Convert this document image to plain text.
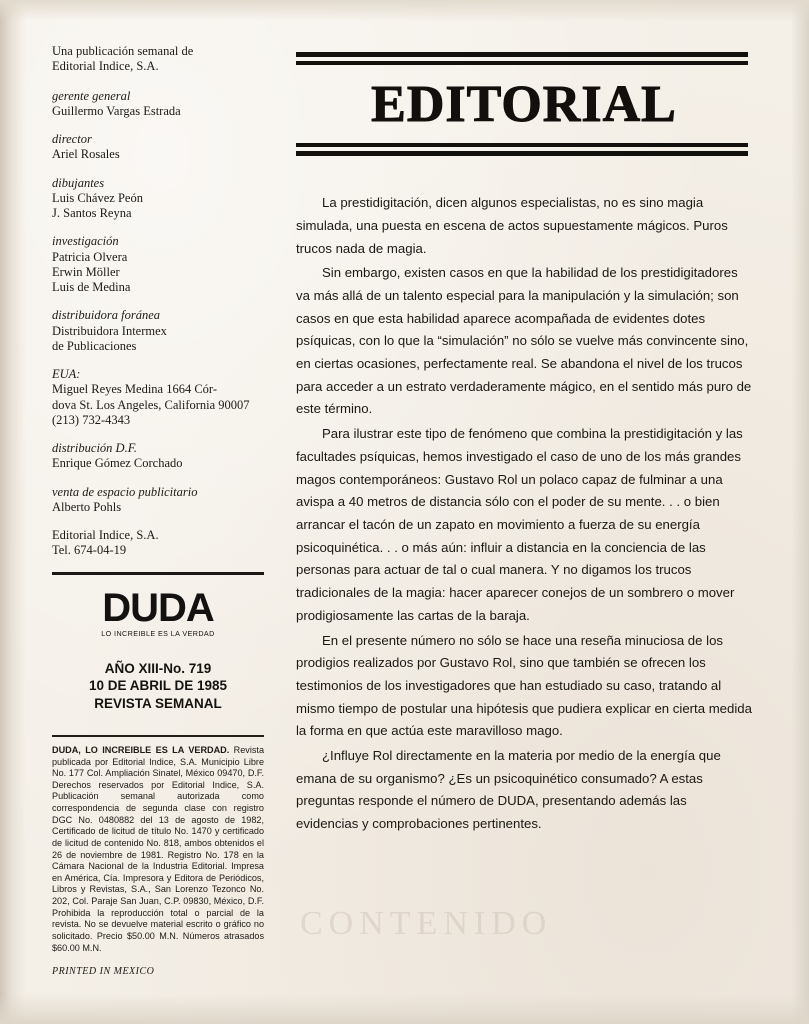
Una publicación semanal de
Editorial Indice, S.A.
gerente general
Guillermo Vargas Estrada
director
Ariel Rosales
dibujantes
Luis Chávez Peón
J. Santos Reyna
investigación
Patricia Olvera
Erwin Möller
Luis de Medina
distribuidora foránea
Distribuidora Intermex
de Publicaciones
EUA:
Miguel Reyes Medina 1664 Cór-
dova St. Los Angeles, California 90007
(213) 732-4343
distribución D.F.
Enrique Gómez Corchado
venta de espacio publicitario
Alberto Pohls
Editorial Indice, S.A.
Tel. 674-04-19
DUDA
LO INCREIBLE ES LA VERDAD
AÑO XIII-No. 719
10 DE ABRIL DE 1985
REVISTA SEMANAL
DUDA, LO INCREIBLE ES LA VERDAD. Revista publicada por Editorial Indice, S.A. Municipio Libre No. 177 Col. Ampliación Sinatel, México 09470, D.F. Derechos reservados por Editorial Indice, S.A. Publicación semanal autorizada como correspondencia de segunda clase con registro DGC No. 0480882 del 13 de agosto de 1982, Certificado de licitud de título No. 1470 y certificado de licitud de contenido No. 818, ambos obtenidos el 26 de noviembre de 1981. Registro No. 178 en la Cámara Nacional de la Industria Editorial. Impresa en América, Cía. Impresora y Editora de Periódicos, Libros y Revistas, S.A., San Lorenzo Tezonco No. 202, Col. Paraje San Juan, C.P. 09830, México, D.F. Prohibida la reproducción total o parcial de la revista. No se devuelve material escrito o gráfico no solicitado. Precio $50.00 M.N. Números atrasados $60.00 M.N.
PRINTED IN MEXICO
EDITORIAL

La prestidigitación, dicen algunos especialistas, no es sino magia simulada, una puesta en escena de actos supuestamente mágicos. Puros trucos nada de magia.

Sin embargo, existen casos en que la habilidad de los prestidigitadores va más allá de un talento especial para la manipulación y la simulación; son casos en que esta habilidad aparece acompañada de evidentes dotes psíquicas, con lo que la “simulación” no sólo se vuelve más convincente sino, en ciertas ocasiones, perfectamente real. Se abandona el nivel de los trucos para acceder a un estrato verdaderamente mágico, en el sentido más puro de este término.

Para ilustrar este tipo de fenómeno que combina la prestidigitación y las facultades psíquicas, hemos investigado el caso de uno de los más grandes magos contemporáneos: Gustavo Rol un polaco capaz de fulminar a una avispa a 40 metros de distancia sólo con el poder de su mente. . . o bien arrancar el tacón de un zapato en movimiento a fuerza de su energía psicoquinética. . . o más aún: influir a distancia en la conciencia de las personas para actuar de tal o cual manera. Y no digamos los trucos tradicionales de la magia: hacer aparecer conejos de un sombrero o mover prodigiosamente las cartas de la baraja.

En el presente número no sólo se hace una reseña minuciosa de los prodigios realizados por Gustavo Rol, sino que también se ofrecen los testimonios de los investigadores que han estudiado su caso, tratando al mismo tiempo de postular una hipótesis que pudiera explicar en cierta medida la forma en que actúa este maravilloso mago.

¿Influye Rol directamente en la materia por medio de la energía que emana de su organismo? ¿Es un psicoquinético consumado? A estas preguntas responde el número de DUDA, presentando además las evidencias y comprobaciones pertinentes.

CONTENIDO
